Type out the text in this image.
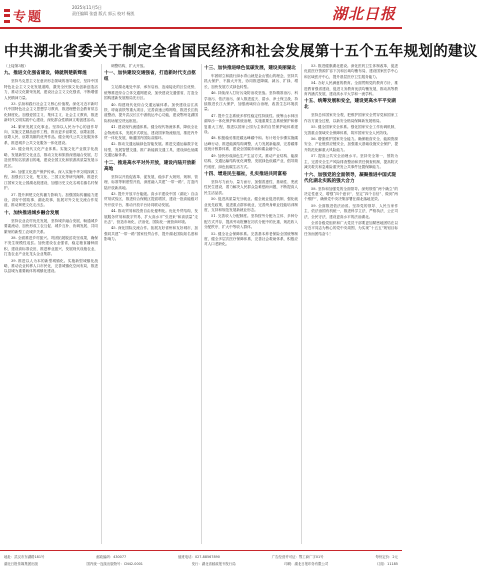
专题
2025年11月5日
责任编辑 张盛 版式 郭云 校对 杨凯	湖北日报
中共湖北省委关于制定全省国民经济和社会发展第十五个五年规划的建议
（上接第3版）
九、推进文化强省建设，铸就荆楚新辉煌
坚持马克思主义在意识形态领域的指导地位，坚持中国特色社会主义文化发展道路，激发全民族文化创新创造活力，推动文化繁荣发展，建设社会主义文化强省，不断增强人民精神力量。
33. 弘扬和践行社会主义核心价值观。深化习近平新时代中国特色社会主义思想学习教育，推进理想信念教育常态化制度化。加强爱国主义、集体主义、社会主义教育，推进新时代文明实践中心建设，深化群众性精神文明创建活动。
34. 繁荣发展文化事业。坚持以人民为中心的创作导向，实施文艺精品创作工程，推出更多讴歌党、讴歌祖国、讴歌人民、讴歌英雄的优秀作品。健全现代公共文化服务体系，推进城乡公共文化服务一体化建设。
35. 健全现代文化产业体系。实施文化产业数字化战略，发展新型文化业态，推动文化和旅游深度融合发展，打造世界知名旅游目的地，建设全国文化和旅游高质量发展示范区。
36. 加强文化遗产保护传承。深入实施中华文明探源工程，加强长江文化、楚文化、三国文化等研究阐释，推进长江国家文化公园湖北段建设，加强历史文化名城名镇名村保护。
37. 提升荆楚文化传播力影响力。加强国际传播能力建设，讲好中国故事、湖北故事，拓展对外文化交流合作渠道，推动荆楚文化走出去。
十、加快推进城乡融合发展
坚持农业农村优先发展，坚持城乡融合发展，畅通城乡要素流动，加快形成工农互促、城乡互补、协调发展、共同繁荣的新型工农城乡关系。
38. 全面推进乡村振兴。巩固拓展脱贫攻坚成果，确保不发生规模性返贫。加快建设农业强省，稳定粮食播种面积，建设高标准农田，推进种业振兴，发展现代设施农业，打造农业产业化龙头企业集群。
39. 推进以人为本的新型城镇化。实施新型城镇化战略，推动农业转移人口市民化，完善城镇化空间布局，推进以县城为重要载体的城镇化建设。
调整结构，扩大开放。
十一、加快建设交通强省，打造新时代支点枢纽
立足湖北地处中部、承东启西、连南接北的区位优势，统筹推进综合立体交通网建设，加快建设交通强省，打造全国构建新发展格局先行区。
40. 构建现代化综合交通运输体系。加快建设沿江高铁、呼南高铁等重大项目，完善高速公路网络，推进长江航道整治，提升武汉长江中游航运中心功能，建设鄂州花湖国际机场航空货运枢纽。
41. 建设现代流通体系。健全现代物流体系，降低全社会物流成本，发展多式联运，建设国家物流枢纽，推进内外贸一体化发展，畅通国内国际双循环。
42. 推动交通运输绿色智能发展。推进交通运输数字化转型，发展智慧交通，推广新能源交通工具，建设绿色低碳交通运输体系。
十二、推进高水平对外开放，建设内陆开放新高地
坚持以开放促改革、促发展，稳步扩大规则、规制、管理、标准等制度型开放，深度融入共建“一带一路”，打造内陆开放新高地。
43. 提升开放平台能级。高水平建设中国（湖北）自由贸易试验区，推进综合保税区提质增效，建设一批高能级对外开放平台，推动开放平台协同联动发展。
44. 推动贸易和投资自由化便利化。优化外贸结构，发展服务贸易和数字贸易，扩大高水平“引进来”和高质量“走出去”，营造市场化、法治化、国际化一流营商环境。
45. 深化国际交流合作。拓展友好省州和友好城市，加强同共建“一带一路”国家经贸合作，提升湖北国际知名度和影响力。
十三、加快推进绿色低碳发展，建设美丽湖北
牢固树立和践行绿水青山就是金山银山的理念，坚持共抓大保护、不搞大开发，协同推进降碳、减污、扩绿、增长，加快发展方式绿色转型。
46. 持续深入打好污染防治攻坚战。坚持精准治污、科学治污、依法治污，深入推进蓝天、碧水、净土保卫战，持续推进长江大保护，加强流域综合治理，改善生态环境质量。
47. 提升生态系统多样性稳定性持续性。统筹山水林田湖草沙一体化保护和系统治理，实施重要生态系统保护和修复重大工程，推进以国家公园为主体的自然保护地体系建设。
48. 积极稳妥推进碳达峰碳中和。有计划分步骤实施碳达峰行动，推进能源结构调整，大力发展新能源，完善碳排放统计核算体系，建设全国碳市场和碳金融中心。
49. 加快形成绿色生产生活方式。推动产业结构、能源结构、交通运输结构优化调整，发展绿色低碳产业，倡导简约适度、绿色低碳生活方式。
十四、增进民生福祉，扎实推进共同富裕
坚持尽力而为、量力而行，加强普惠性、基础性、兜底性民生建设，着力解决人民群众急难愁盼问题，不断提高人民生活品质。
50. 促进高质量充分就业。健全就业促进机制，强化就业优先政策，促进重点群体就业，完善终身职业技能培训制度，支持和规范发展新就业形态。
51. 完善收入分配制度。坚持按劳分配为主体、多种分配方式并存，提高劳动报酬在初次分配中的比重，规范收入分配秩序，扩大中等收入群体。
52. 健全社会保障体系。完善基本养老保险全国统筹制度，健全多层次医疗保障体系，完善社会救助体系，积极应对人口老龄化。
53. 推进健康湖北建设。深化医药卫生体制改革，促进优质医疗资源扩容下沉和区域均衡布局，建设国家医学中心和区域医疗中心，提升基层医疗卫生服务能力。
54. 办好人民满意的教育。全面贯彻党的教育方针，推进教育强省建设，促进义务教育优质均衡发展，推动高等教育内涵式发展，建设高水平大学和一流学科。
十五、统筹发展和安全，建设更高水平平安湖北
坚持总体国家安全观，把维护国家安全贯穿党和国家工作各方面全过程，以新安全格局保障新发展格局。
55. 健全国家安全体系。强化国家安全工作协调机制，完善重点领域安全保障体系，筑牢国家安全人民防线。
56. 增强维护国家安全能力。确保粮食安全、能源资源安全、产业链供应链安全，加强重大基础设施安全保护，提升防范化解重大风险能力。
57. 提高公共安全治理水平。坚持安全第一、预防为主，完善安全生产风险排查整治和责任倒查机制，提高防灾减灾救灾和急难险重突发公共事件处置保障能力。
十六、加强党的全面领导，凝聚推进中国式现代化湖北实践的强大合力
58. 坚持和加强党的全面领导。深刻领悟“两个确立”的决定性意义，增强“四个意识”、坚定“四个自信”、做到“两个维护”，确保党中央决策部署在湖北落地见效。
59. 全面推进依法治省。坚持党的领导、人民当家作主、依法治国有机统一，推进科学立法、严格执法、公正司法、全民守法，建设更高水平的法治湖北。
全省各级党组织和广大党员干部要更加紧密地团结在以习近平同志为核心的党中央周围，为实现“十五五”规划目标任务而团结奋斗！
地址：武汉市东湖路181号	邮政编码：430077	值班电话：027-88567890	广告经营许可证：鄂工商广字01号	每份定价：2元
湖北日报传媒集团出版	国内统一连续出版物号：CN42-0001	发行：湖北省邮政报刊发行局	印刷：湖北日报印务有限公司	订阅：11185
